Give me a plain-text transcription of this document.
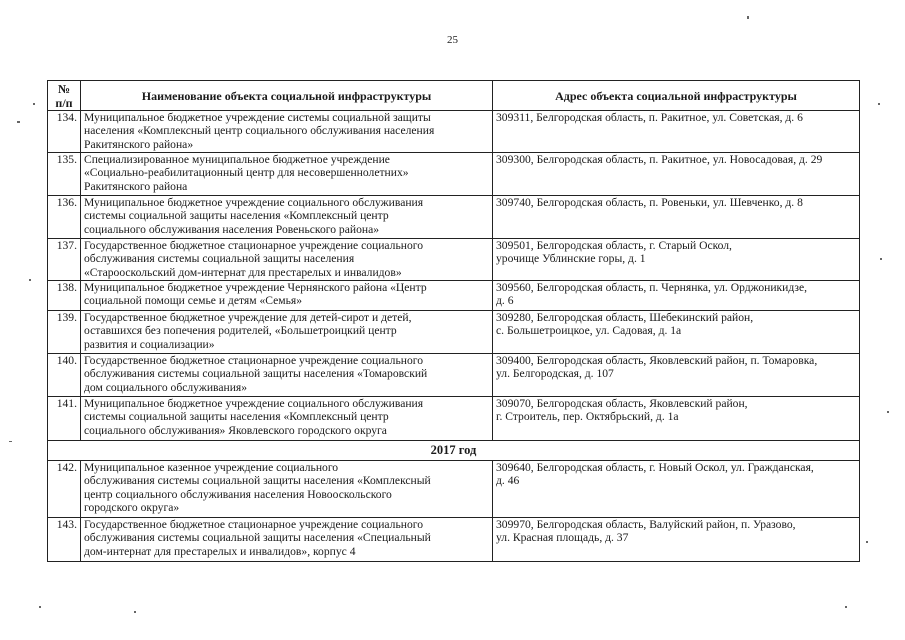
25
№
п/п	Наименование объекта социальной инфраструктуры	Адрес объекта социальной инфраструктуры
134.	Муниципальное бюджетное учреждение системы социальной защиты
населения «Комплексный центр социального обслуживания населения
Ракитянского района»	309311, Белгородская область, п. Ракитное, ул. Советская, д. 6

135.	Специализированное муниципальное бюджетное учреждение
«Социально-реабилитационный центр для несовершеннолетних»
Ракитянского района	309300, Белгородская область, п. Ракитное, ул. Новосадовая, д. 29

136.	Муниципальное бюджетное учреждение социального обслуживания
системы социальной защиты населения «Комплексный центр
социального обслуживания населения Ровеньского района»	309740, Белгородская область, п. Ровеньки, ул. Шевченко, д. 8

137.	Государственное бюджетное стационарное учреждение социального
обслуживания системы социальной защиты населения
«Старооскольский дом-интернат для престарелых и инвалидов»	309501, Белгородская область, г. Старый Оскол,
урочище Ублинские горы, д. 1

138.	Муниципальное бюджетное учреждение Чернянского района «Центр
социальной помощи семье и детям «Семья»	309560, Белгородская область, п. Чернянка, ул. Орджоникидзе,
д. 6

139.	Государственное бюджетное учреждение для детей-сирот и детей,
оставшихся без попечения родителей, «Большетроицкий центр
развития и социализации»	309280, Белгородская область, Шебекинский район,
с. Большетроицкое, ул. Садовая, д. 1а

140.	Государственное бюджетное стационарное учреждение социального
обслуживания системы социальной защиты населения «Томаровский
дом социального обслуживания»	309400, Белгородская область, Яковлевский район, п. Томаровка,
ул. Белгородская, д. 107

141.	Муниципальное бюджетное учреждение социального обслуживания
системы социальной защиты населения «Комплексный центр
социального обслуживания» Яковлевского городского округа	309070, Белгородская область, Яковлевский район,
г. Строитель, пер. Октябрьский, д. 1а

2017 год		
142.	Муниципальное казенное учреждение социального
обслуживания системы социальной защиты населения «Комплексный
центр социального обслуживания населения Новооскольского
городского округа»	309640, Белгородская область, г. Новый Оскол, ул. Гражданская,
д. 46

143.	Государственное бюджетное стационарное учреждение социального
обслуживания системы социальной защиты населения «Специальный
дом-интернат для престарелых и инвалидов», корпус 4	309970, Белгородская область, Валуйский район, п. Уразово,
ул. Красная площадь, д. 37
